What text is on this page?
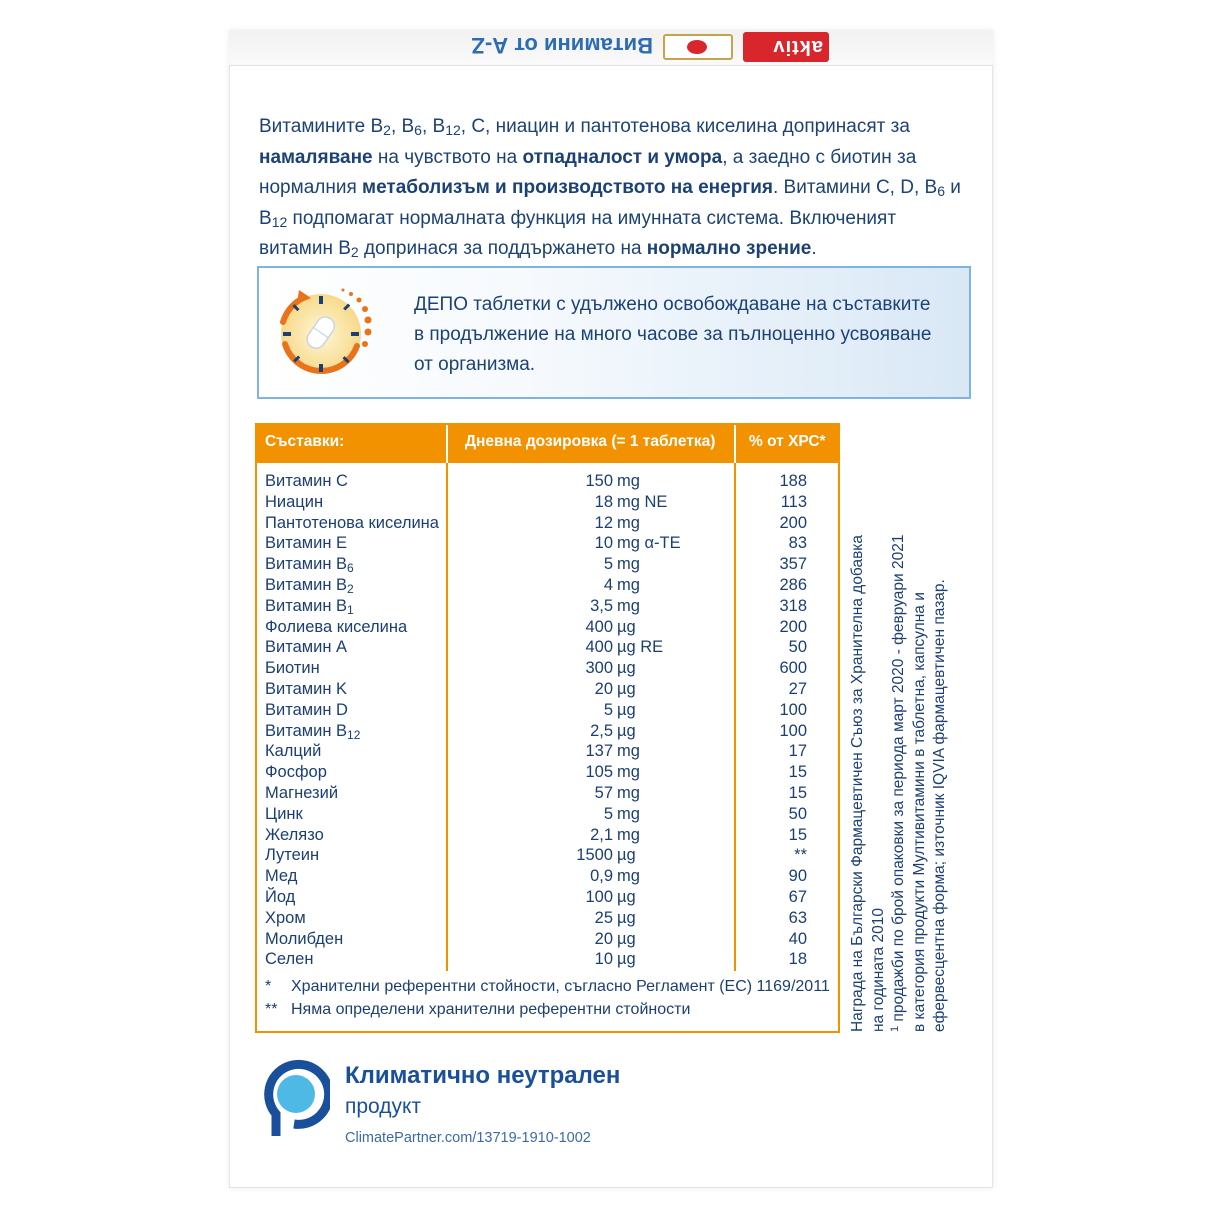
aktiv
Витамини от A-Z
Витамините $B_2$, $B_6$, $B_{12}$, C, ниацин и пантотенова киселина допринасят за
намаляване на чувството на отпадналост и умора, а заедно с биотин за
нормалния метаболизъм и производството на енергия. Витамини C, D, $B_6$ и
$B_{12}$ подпомагат нормалната функция на имунната система. Включеният
витамин $B_2$ допринася за поддържането на нормално зрение.
ДЕПО таблетки с удължено освобождаване на съставките
в продължение на много часове за пълноценно усвояване
от организма.
Съставки:	Дневна дозировка (= 1 таблетка) % от ХРС*
Витамин C	150 mg	188
Ниацин	18 mg NE	113
Пантотенова киселина	12 mg	200
Витамин E	10 mg α-TE	83
Витамин $B_6$	5 mg	357
Витамин $B_2$	4 mg	286
Витамин $B_1$	3,5 mg	318
Фолиева киселина	400 µg	200
Витамин A	400 µg RE	50
Биотин	300 µg	600
Витамин K	20 µg	27
Витамин D	5 µg	100
Витамин $B_{12}$	2,5 µg	100
Калций	137 mg	17
Фосфор	105 mg	15
Магнезий	57 mg	15
Цинк	5 mg	50
Желязо	2,1 mg	15
Лутеин	1500 µg	**
Мед	0,9 mg	90
Йод	100 µg	67
Хром	25 µg	63
Молибден	20 µg	40
Селен	10 µg	18
* Хранителни референтни стойности, съгласно Регламент (ЕС) 1169/2011
** Няма определени хранителни референтни стойности	Награда на Български Фармацевтичен Съюз за Хранителна добавка на годината 2010 $^1$ продажби по брой опаковки за периода март 2020 - февруари 2021 в категория продукти Мултивитамини в таблетна, капсулна и ефервесцентна форма; източник IQVIA фармацевтичен пазар.

Климатично неутрален
продукт
ClimatePartner.com/13719-1910-1002
